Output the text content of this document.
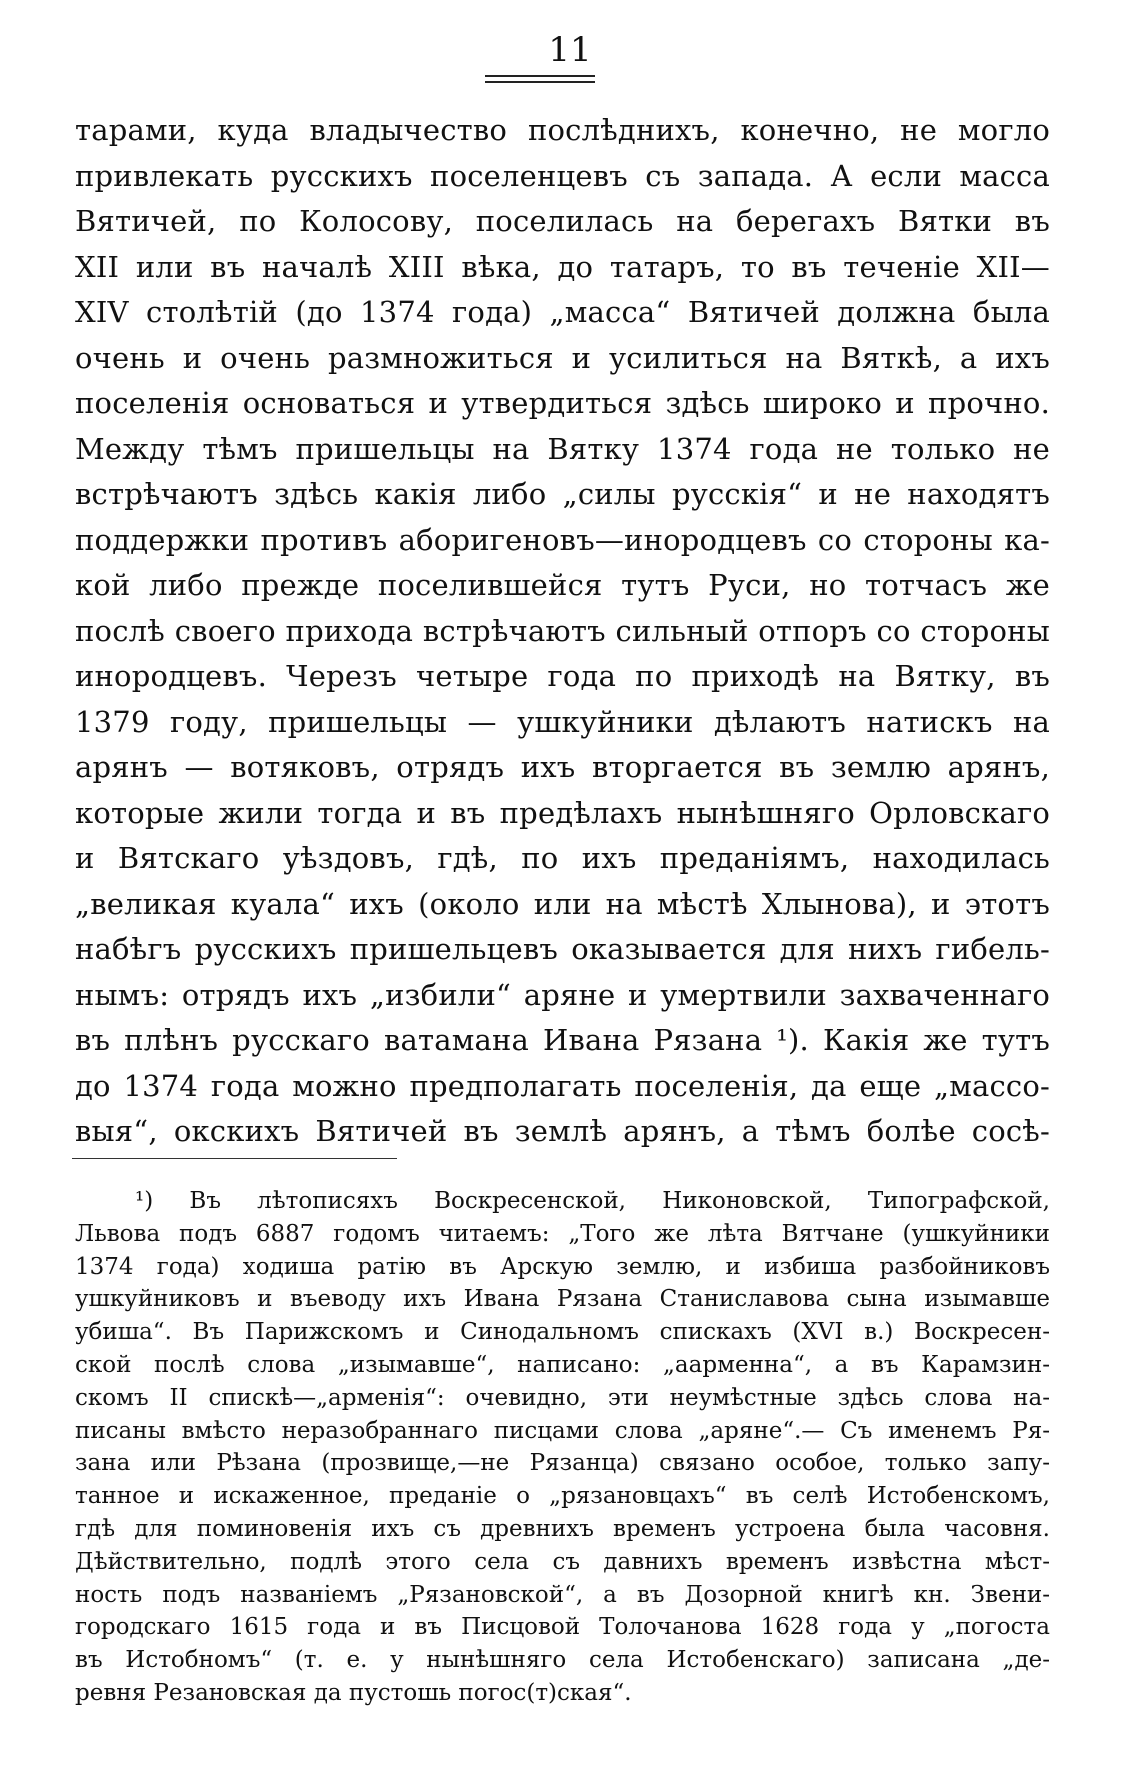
11
тарами, куда владычество послѣднихъ, конечно, не могло
привлекать русскихъ поселенцевъ съ запада. А если масса
Вятичей, по Колосову, поселилась на берегахъ Вятки въ
XII или въ началѣ XIII вѣка, до татаръ, то въ теченіе XII—
XIV столѣтій (до 1374 года) „масса“ Вятичей должна была
очень и очень размножиться и усилиться на Вяткѣ, а ихъ
поселенія основаться и утвердиться здѣсь широко и прочно.
Между тѣмъ пришельцы на Вятку 1374 года не только не
встрѣчаютъ здѣсь какія либо „силы русскія“ и не находятъ
поддержки противъ аборигеновъ—инородцевъ со стороны ка-
кой либо прежде поселившейся тутъ Руси, но тотчасъ же
послѣ своего прихода встрѣчаютъ сильный отпоръ со стороны
инородцевъ. Черезъ четыре года по приходѣ на Вятку, въ
1379 году, пришельцы — ушкуйники дѣлаютъ натискъ на
арянъ — вотяковъ, отрядъ ихъ вторгается въ землю арянъ,
которые жили тогда и въ предѣлахъ нынѣшняго Орловскаго
и Вятскаго уѣздовъ, гдѣ, по ихъ преданіямъ, находилась
„великая куала“ ихъ (около или на мѣстѣ Хлынова), и этотъ
набѣгъ русскихъ пришельцевъ оказывается для нихъ гибель-
нымъ: отрядъ ихъ „избили“ аряне и умертвили захваченнаго
въ плѣнъ русскаго ватамана Ивана Рязана ¹). Какія же тутъ
до 1374 года можно предполагать поселенія, да еще „массо-
выя“, окскихъ Вятичей въ землѣ арянъ, а тѣмъ болѣе сосѣ-
¹) Въ лѣтописяхъ Воскресенской, Никоновской, Типографской,
Львова подъ 6887 годомъ читаемъ: „Того же лѣта Вятчане (ушкуйники
1374 года) ходиша ратію въ Арскую землю, и избиша разбойниковъ
ушкуйниковъ и въеводу ихъ Ивана Рязана Станиславова сына изымавше
убиша“. Въ Парижскомъ и Синодальномъ спискахъ (XVI в.) Воскресен-
ской послѣ слова „изымавше“, написано: „аарменна“, а въ Карамзин-
скомъ II спискѣ—„арменія“: очевидно, эти неумѣстные здѣсь слова на-
писаны вмѣсто неразобраннаго писцами слова „аряне“.— Съ именемъ Ря-
зана или Рѣзана (прозвище,—не Рязанца) связано особое, только запу-
танное и искаженное, преданіе о „рязановцахъ“ въ селѣ Истобенскомъ,
гдѣ для поминовенія ихъ съ древнихъ временъ устроена была часовня.
Дѣйствительно, подлѣ этого села съ давнихъ временъ извѣстна мѣст-
ность подъ названіемъ „Рязановской“, а въ Дозорной книгѣ кн. Звени-
городскаго 1615 года и въ Писцовой Толочанова 1628 года у „погоста
въ Истобномъ“ (т. е. у нынѣшняго села Истобенскаго) записана „де-
ревня Резановская да пустошь погос(т)ская“.
